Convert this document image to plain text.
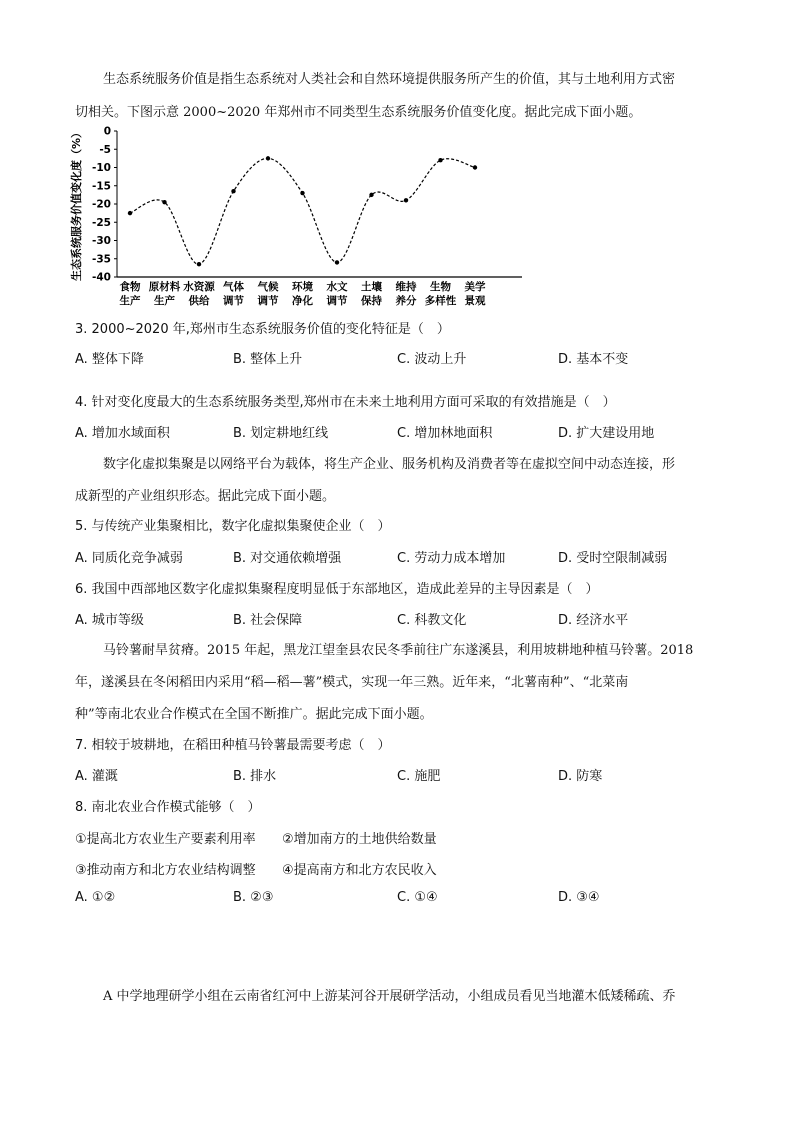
生态系统服务价值是指生态系统对人类社会和自然环境提供服务所产生的价值，其与土地利用方式密
切相关。下图示意 2000~2020 年郑州市不同类型生态系统服务价值变化度。据此完成下面小题。
生态系统服务价值变化度（%） 0
-5
-10
-15
-20
-25
-30
-35
-40
食物
生产
原材料
生产
水资源
供给
气体
调节
气候
调节
环境
净化
水文
调节
土壤
保持
维持
养分
生物
多样性
美学
景观
3. 2000~2020 年,郑州市生态系统服务价值的变化特征是（　）
A. 整体下降	B. 整体上升	C. 波动上升	D. 基本不变
4. 针对变化度最大的生态系统服务类型,郑州市在未来土地利用方面可采取的有效措施是（　）
A. 增加水域面积	B. 划定耕地红线	C. 增加林地面积	D. 扩大建设用地
数字化虚拟集聚是以网络平台为载体，将生产企业、服务机构及消费者等在虚拟空间中动态连接，形
成新型的产业组织形态。据此完成下面小题。
5. 与传统产业集聚相比，数字化虚拟集聚使企业（　）
A. 同质化竞争减弱	B. 对交通依赖增强	C. 劳动力成本增加	D. 受时空限制减弱
6. 我国中西部地区数字化虚拟集聚程度明显低于东部地区，造成此差异的主导因素是（　）
A. 城市等级	B. 社会保障	C. 科教文化	D. 经济水平
马铃薯耐旱贫瘠。2015 年起，黑龙江望奎县农民冬季前往广东遂溪县，利用坡耕地种植马铃薯。2018
年，遂溪县在冬闲稻田内采用“稻—稻—薯”模式，实现一年三熟。近年来，“北薯南种”、“北菜南
种”等南北农业合作模式在全国不断推广。据此完成下面小题。
7. 相较于坡耕地，在稻田种植马铃薯最需要考虑（　）
A. 灌溉	B. 排水	C. 施肥	D. 防寒
8. 南北农业合作模式能够（　）
①提高北方农业生产要素利用率 ②增加南方的土地供给数量
③推动南方和北方农业结构调整 ④提高南方和北方农民收入
A. ①②	B. ②③	C. ①④	D. ③④
A 中学地理研学小组在云南省红河中上游某河谷开展研学活动，小组成员看见当地灌木低矮稀疏、乔
